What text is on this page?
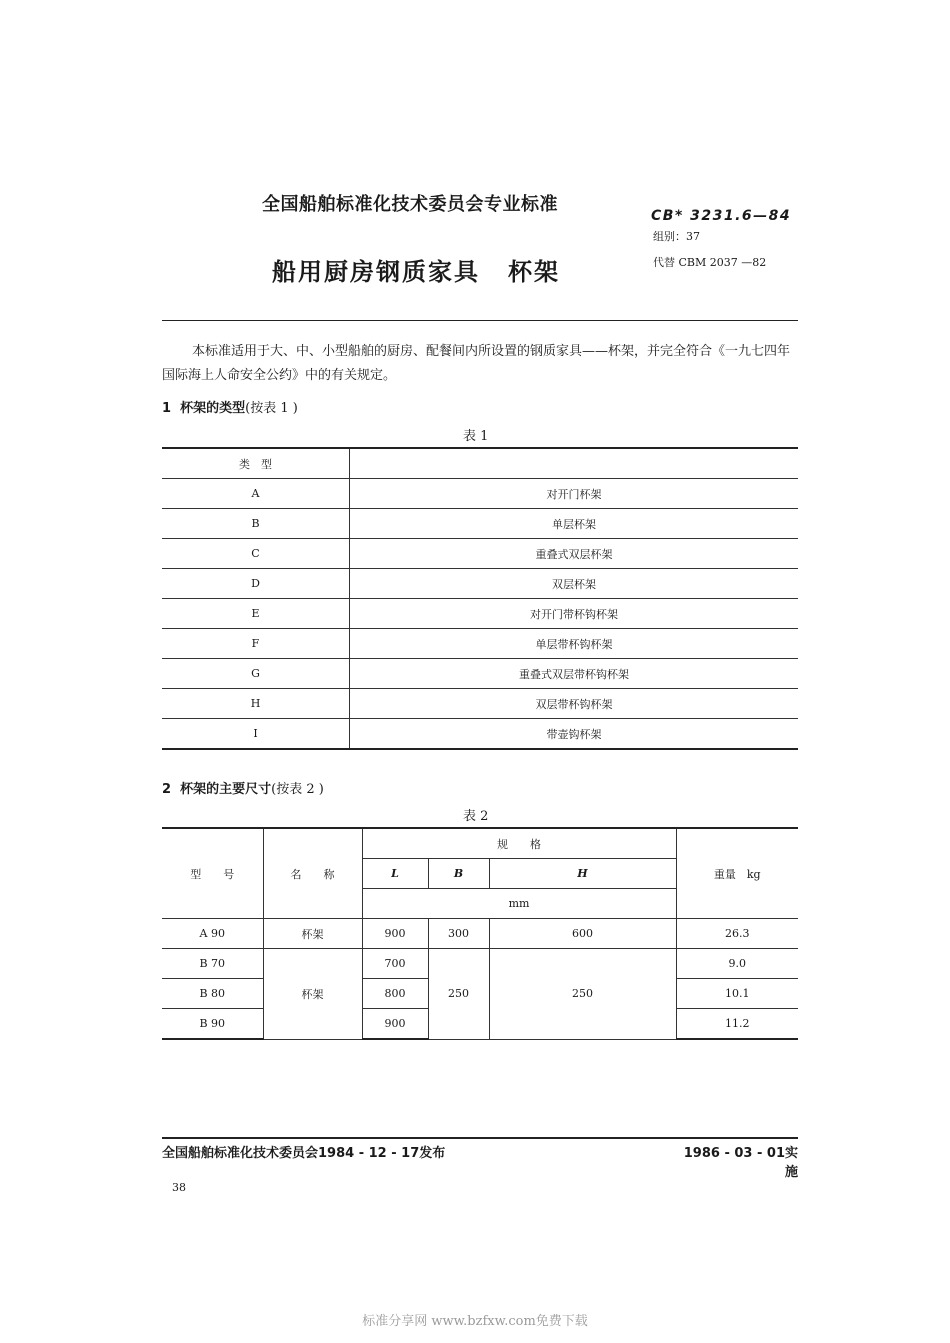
全国船舶标准化技术委员会专业标准
船用厨房钢质家具 杯架
CB* 3231.6—84
组别：37
代替 CBM 2037 —82
本标准适用于大、中、小型船舶的厨房、配餐间内所设置的钢质家具——杯架，并完全符合《一九七四年国际海上人命安全公约》中的有关规定。
1 杯架的类型(按表 1 )
表 1
类　型	
A	对开门杯架
B	单层杯架
C	重叠式双层杯架
D	双层杯架
E	对开门带杯钩杯架
F	单层带杯钩杯架
G	重叠式双层带杯钩杯架
H	双层带杯钩杯架
I	带壶钩杯架
2 杯架的主要尺寸(按表 2 )
表 2
型　　号	名　　称	规　　格			重量　kg
		L	B	H	
		mm			
A 90	杯架	900	300	600	26.3
B 70	杯架	700	250	250	9.0
B 80		800			10.1
B 90		900			11.2
全国船舶标准化技术委员会1984 - 12 - 17发布	1986 - 03 - 01实施
38
标准分享网 www.bzfxw.com免费下载
